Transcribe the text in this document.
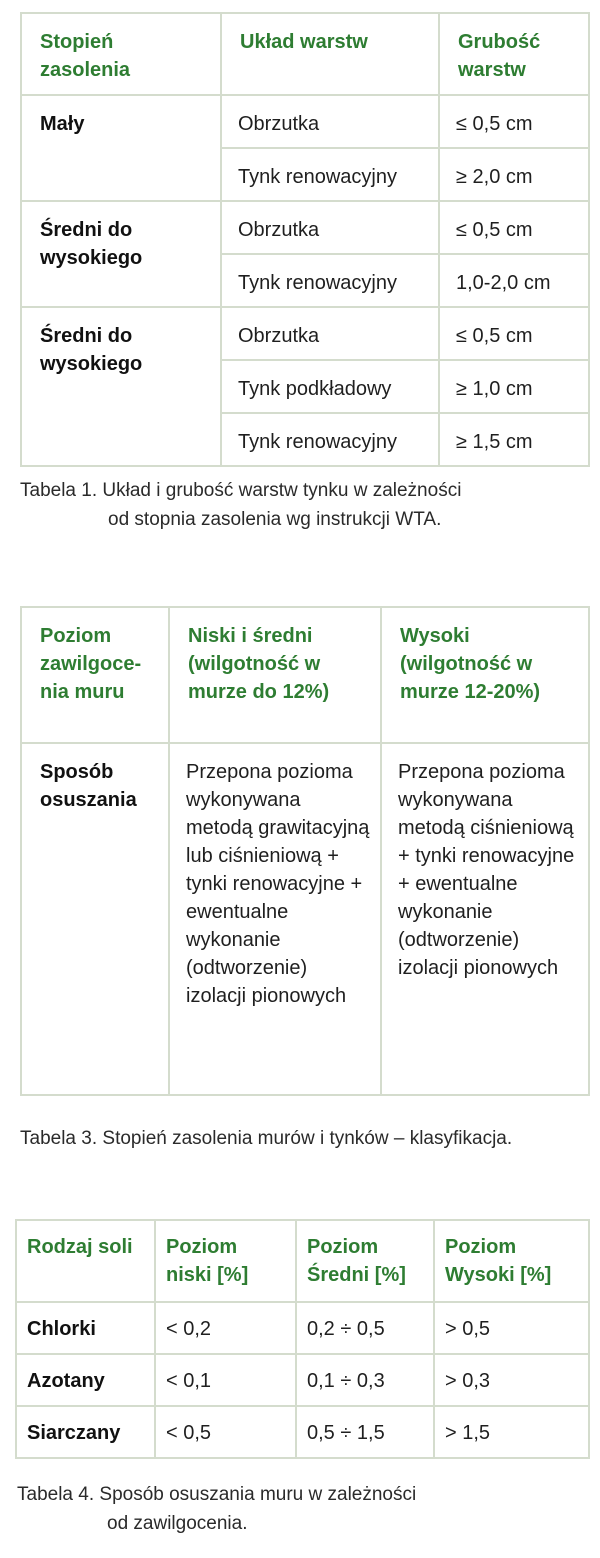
Stopień zasolenia	Układ warstw	Grubość warstw
Mały	Obrzutka	≤ 0,5 cm
	Tynk renowacyjny	≥ 2,0 cm
Średni do wysokiego	Obrzutka	≤ 0,5 cm
	Tynk renowacyjny	1,0-2,0 cm
Średni do wysokiego	Obrzutka	≤ 0,5 cm
	Tynk podkładowy	≥ 1,0 cm
	Tynk renowacyjny	≥ 1,5 cm

Tabela 1. Układ i grubość warstw tynku w zależności
od stopnia zasolenia wg instrukcji WTA.

Poziom zawilgoce-nia muru	Niski i średni (wilgotność w murze do 12%)	Wysoki (wilgotność w murze 12-20%)
Sposób osuszania	Przepona pozioma wykonywana metodą grawitacyjną lub ciśnieniową + tynki renowacyjne + ewentualne wykonanie (odtworzenie) izolacji pionowych	Przepona pozioma wykonywana metodą ciśnieniową + tynki renowacyjne + ewentualne wykonanie (odtworzenie) izolacji pionowych

Tabela 3. Stopień zasolenia murów i tynków – klasyfikacja.

Rodzaj soli	Poziom niski [%]	Poziom Średni [%]	Poziom Wysoki [%]
Chlorki	< 0,2	0,2 ÷ 0,5	> 0,5
Azotany	< 0,1	0,1 ÷ 0,3	> 0,3
Siarczany	< 0,5	0,5 ÷ 1,5	> 1,5

Tabela 4. Sposób osuszania muru w zależności
od zawilgocenia.
